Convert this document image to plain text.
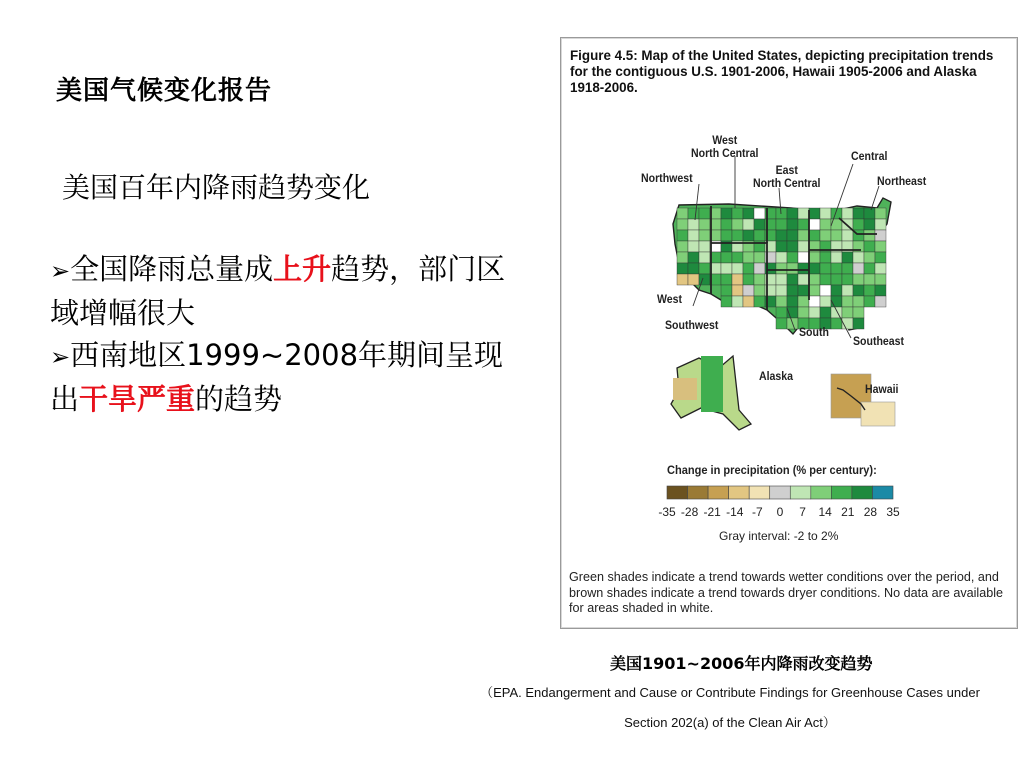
美国气候变化报告
美国百年内降雨趋势变化

➢全国降雨总量成上升趋势，部门区域增幅很大

➢西南地区1999~2008年期间呈现出干旱严重的趋势

Figure 4.5: Map of the United States, depicting precipitation trends for the contiguous U.S. 1901-2006, Hawaii 1905-2006 and Alaska 1918-2006.
West
North Central	Central
East
North Central
Northwest	Northeast
West
Southwest	South
Southeast
Alaska
Hawaii
Change in precipitation (% per century):
-35 -28 -21 -14 -7 0 7 14 21 28 35
Gray interval: -2 to 2%
Green shades indicate a trend towards wetter conditions over the period, and brown shades indicate a trend towards dryer conditions. No data are available for areas shaded in white.
美国1901~2006年内降雨改变趋势
（EPA. Endangerment and Cause or Contribute Findings for Greenhouse Cases under Section 202(a) of the Clean Air Act）
